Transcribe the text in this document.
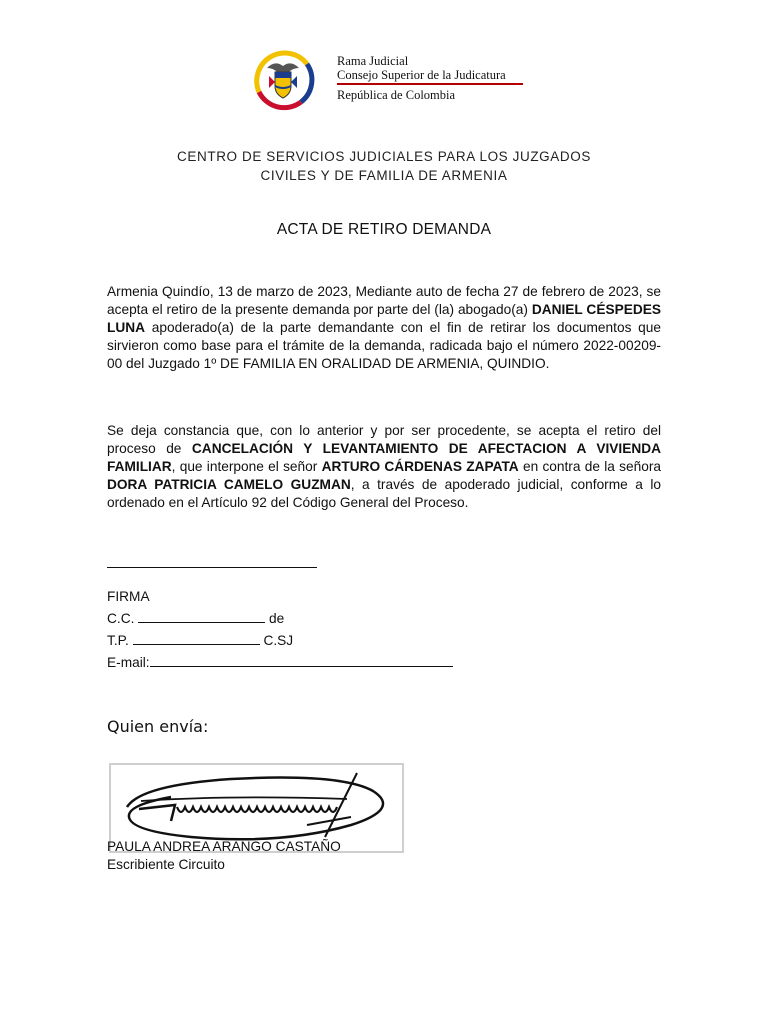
Rama Judicial
Consejo Superior de la Judicatura
República de Colombia
CENTRO DE SERVICIOS JUDICIALES PARA LOS JUZGADOS
CIVILES Y DE FAMILIA DE ARMENIA
ACTA DE RETIRO DEMANDA
Armenia Quindío, 13 de marzo de 2023, Mediante auto de fecha 27 de febrero de 2023, se acepta el retiro de la presente demanda por parte del (la) abogado(a) DANIEL CÉSPEDES LUNA apoderado(a) de la parte demandante con el fin de retirar los documentos que sirvieron como base para el trámite de la demanda, radicada bajo el número 2022-00209-00 del Juzgado 1º DE FAMILIA EN ORALIDAD DE ARMENIA, QUINDIO.
Se deja constancia que, con lo anterior y por ser procedente, se acepta el retiro del proceso de CANCELACIÓN Y LEVANTAMIENTO DE AFECTACION A VIVIENDA FAMILIAR, que interpone el señor ARTURO CÁRDENAS ZAPATA en contra de la señora DORA PATRICIA CAMELO GUZMAN, a través de apoderado judicial, conforme a lo ordenado en el Artículo 92 del Código General del Proceso.
FIRMA
C.C.	de
T.P.	C.SJ
E-mail:
Quien envía:
PAULA ANDREA ARANGO CASTAÑO
Escribiente Circuito
